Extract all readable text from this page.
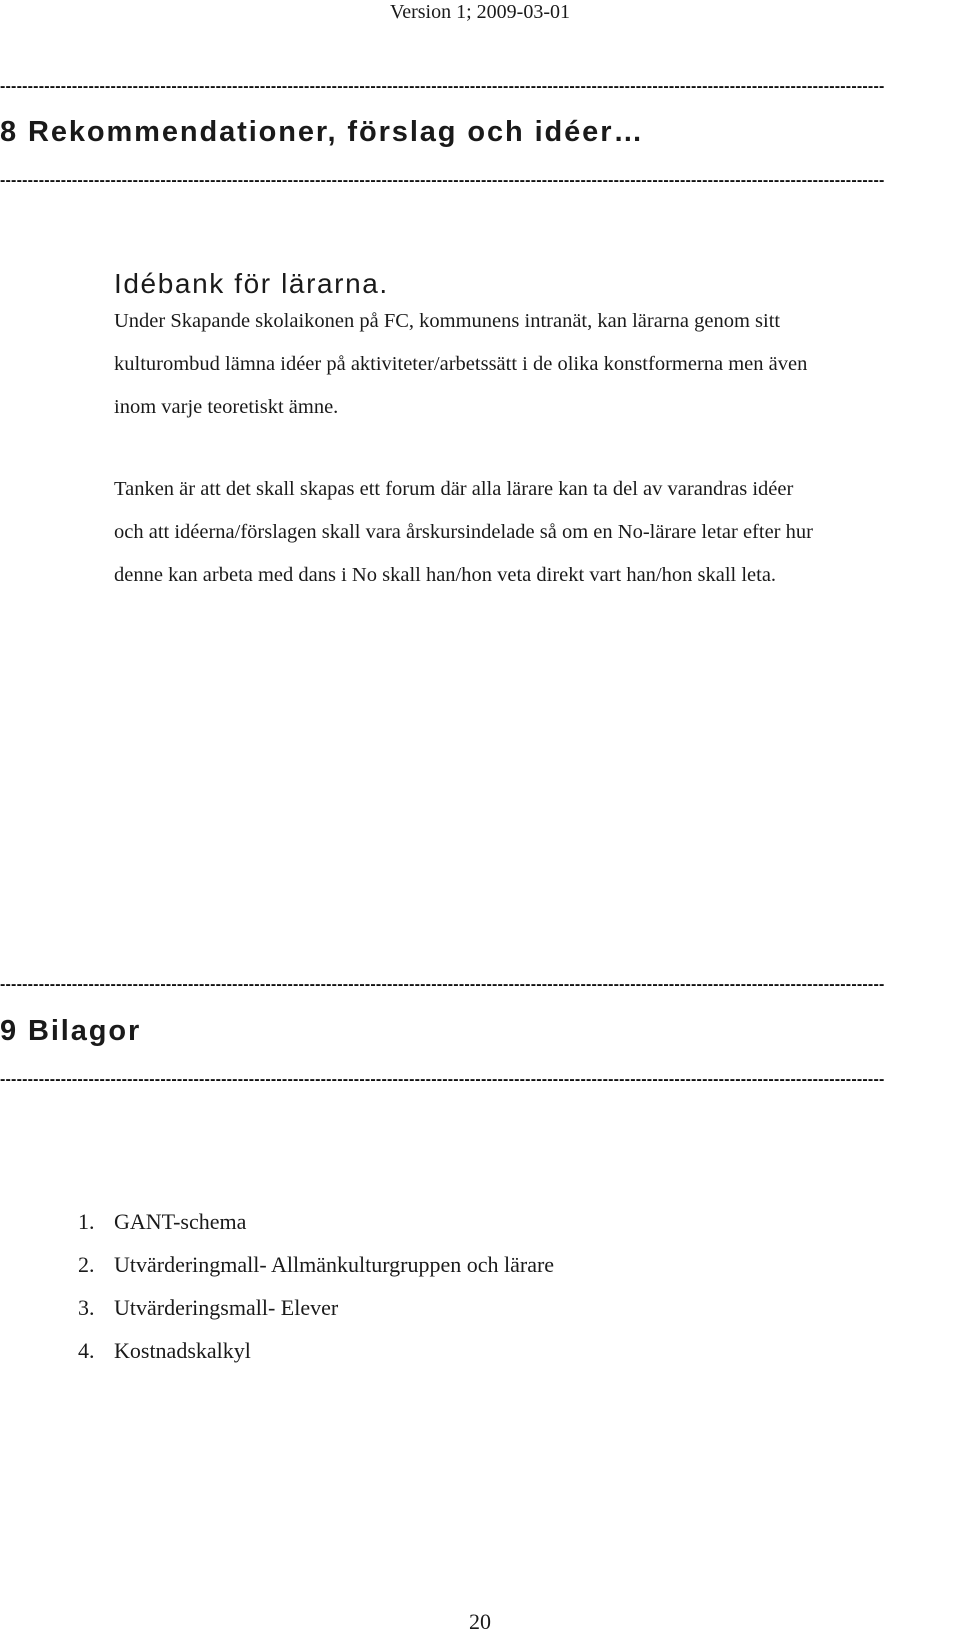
Version 1; 2009-03-01
----------------------------------------------------------------------------------------------------------------------------------------------------------------
8 Rekommendationer, förslag och idéer…
----------------------------------------------------------------------------------------------------------------------------------------------------------------
Idébank för lärarna.

Under Skapande skolaikonen på FC, kommunens intranät, kan lärarna genom sitt
kulturombud lämna idéer på aktiviteter/arbetssätt i de olika konstformerna men även
inom varje teoretiskt ämne.

Tanken är att det skall skapas ett forum där alla lärare kan ta del av varandras idéer
och att idéerna/förslagen skall vara årskursindelade så om en No-lärare letar efter hur
denne kan arbeta med dans i No skall han/hon veta direkt vart han/hon skall leta.

----------------------------------------------------------------------------------------------------------------------------------------------------------------
9 Bilagor
----------------------------------------------------------------------------------------------------------------------------------------------------------------
1. GANT-schema
2. Utvärderingmall- Allmänkulturgruppen och lärare
3. Utvärderingsmall- Elever
4. Kostnadskalkyl
20
